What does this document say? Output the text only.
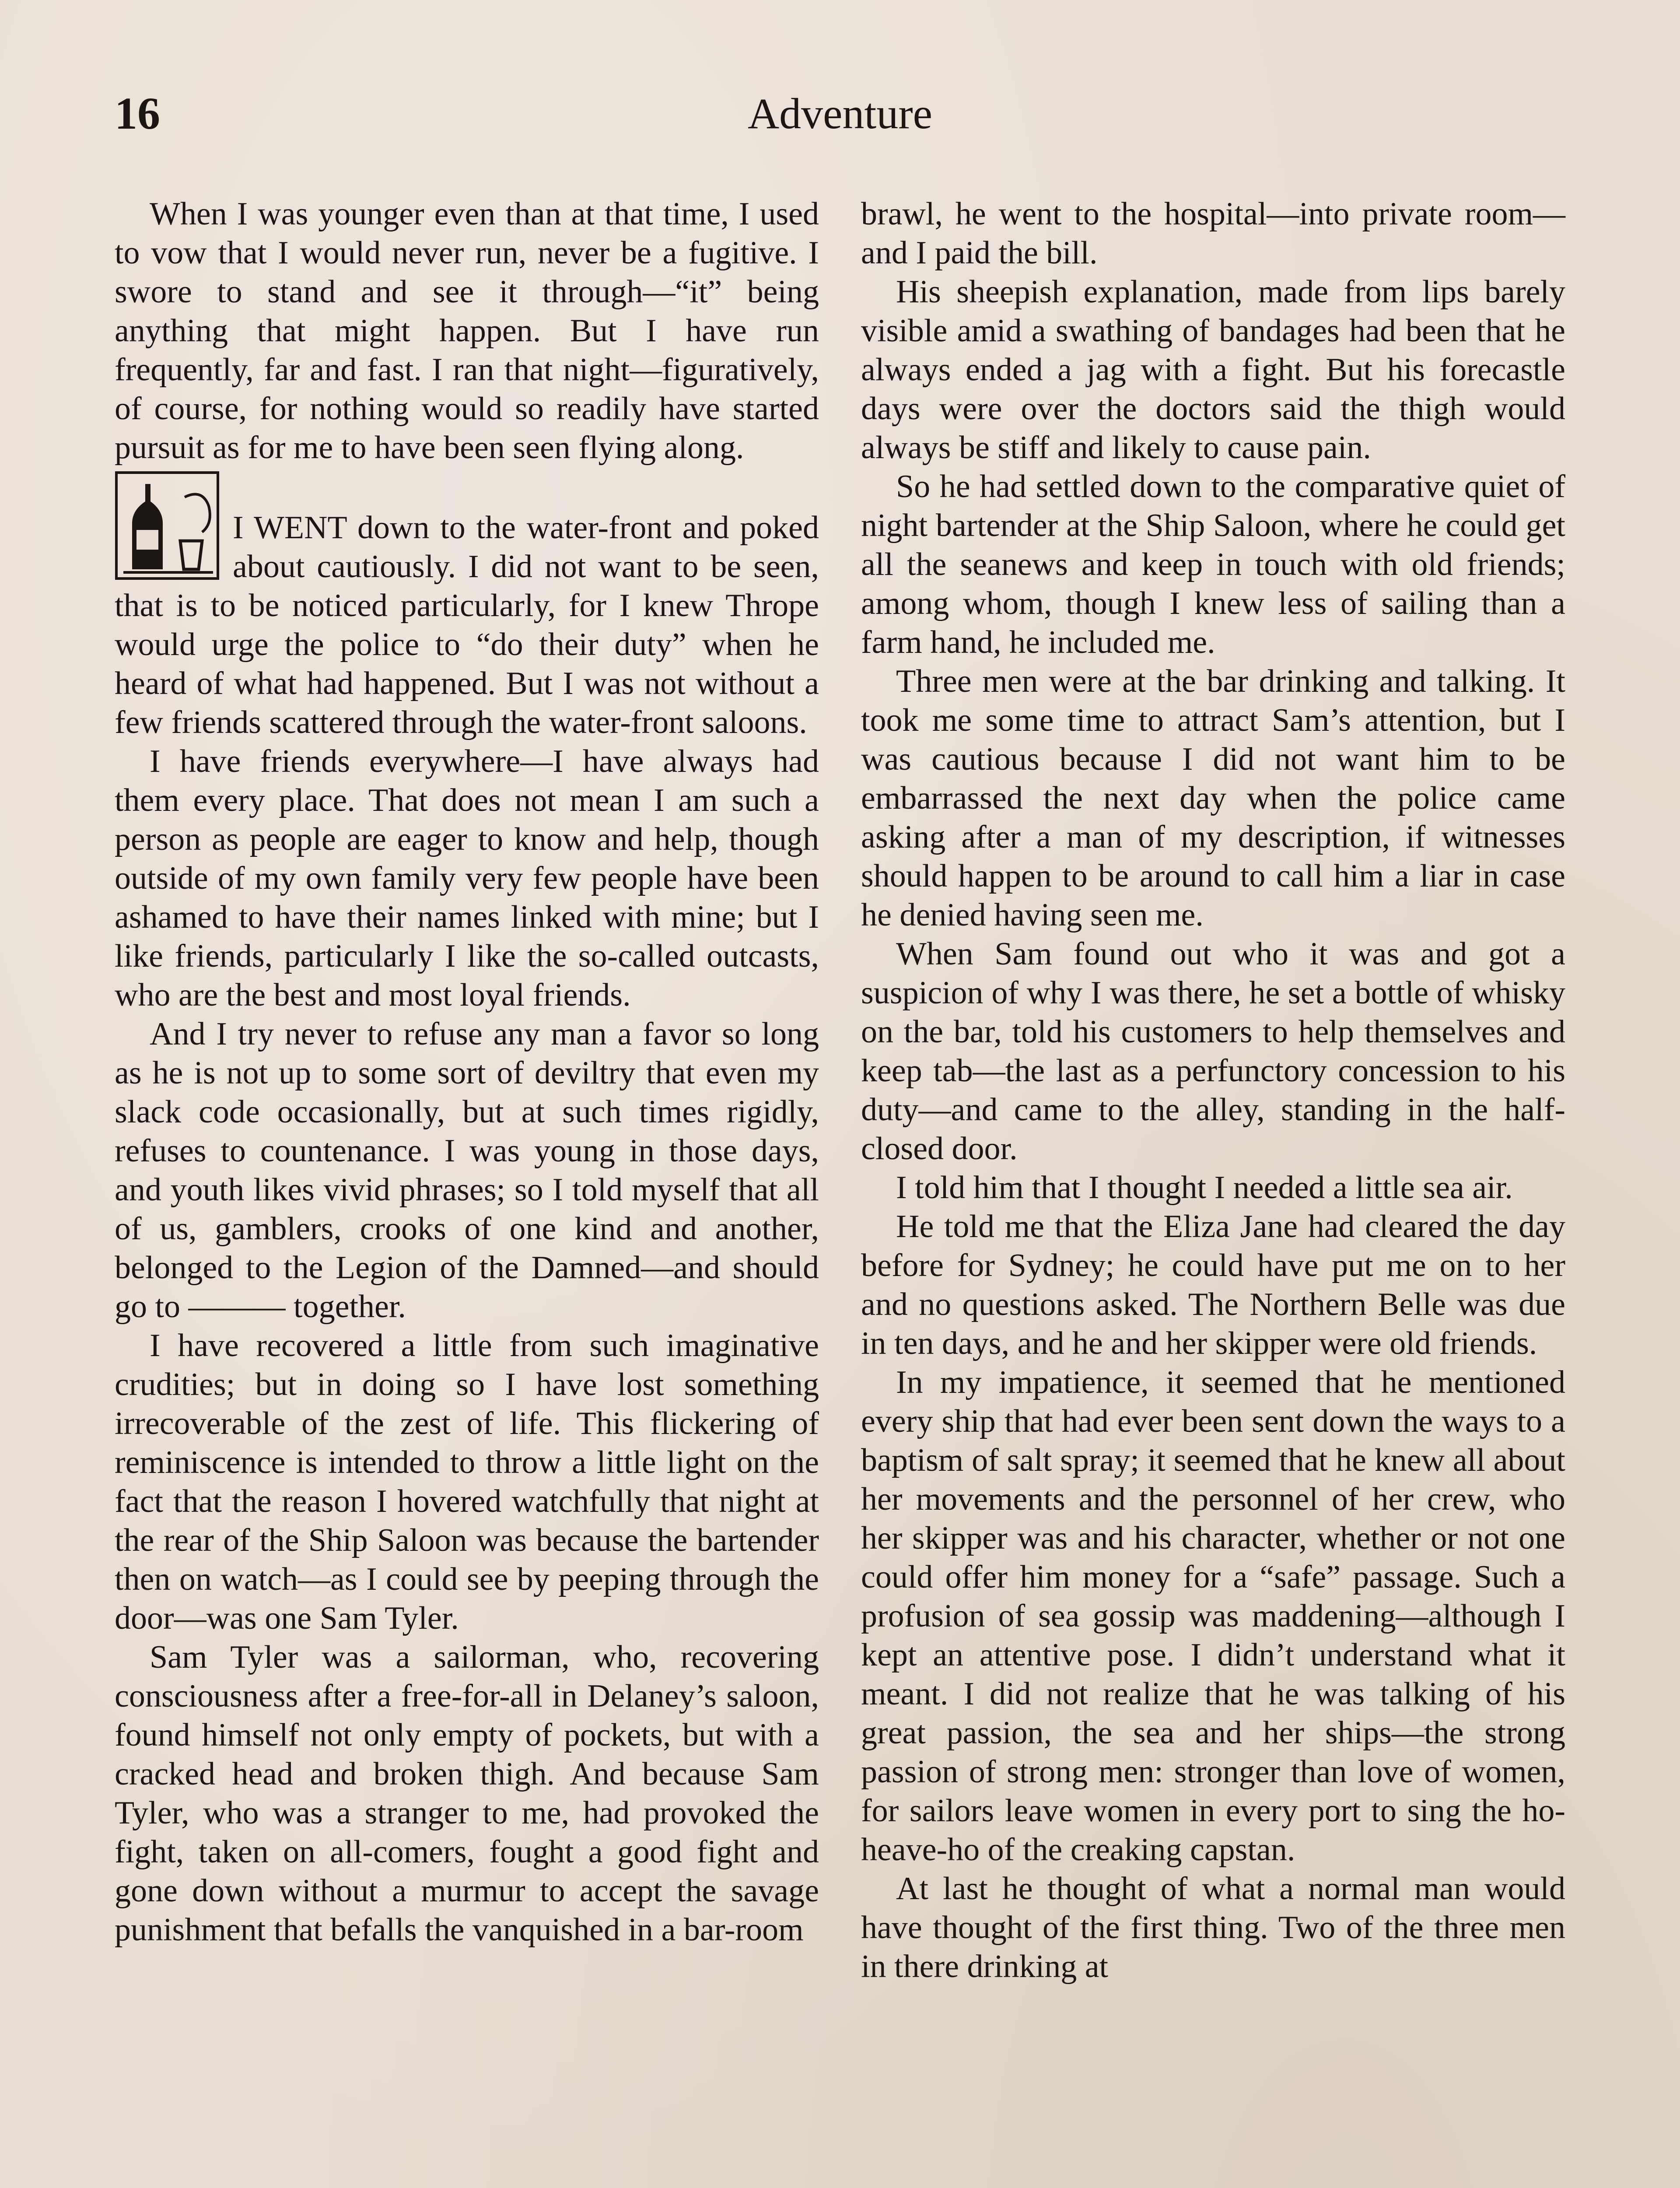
16	Adventure

When I was younger even than at that time, I used to vow that I would never run, never be a fugitive. I swore to stand and see it through—“it” being anything that might happen. But I have run frequently, far and fast. I ran that night—figuratively, of course, for nothing would so readily have started pursuit as for me to have been seen flying along.

I WENT down to the water-front and poked about cautiously. I did not want to be seen, that is to be noticed particularly, for I knew Thrope would urge the police to “do their duty” when he heard of what had happened. But I was not without a few friends scattered through the water-front saloons.

I have friends everywhere—I have always had them every place. That does not mean I am such a person as people are eager to know and help, though outside of my own family very few people have been ashamed to have their names linked with mine; but I like friends, particularly I like the so-called outcasts, who are the best and most loyal friends.

And I try never to refuse any man a favor so long as he is not up to some sort of deviltry that even my slack code occasionally, but at such times rigidly, refuses to countenance. I was young in those days, and youth likes vivid phrases; so I told myself that all of us, gamblers, crooks of one kind and another, belonged to the Legion of the Damned—and should go to ——— together.

I have recovered a little from such imaginative crudities; but in doing so I have lost something irrecoverable of the zest of life. This flickering of reminiscence is intended to throw a little light on the fact that the reason I hovered watchfully that night at the rear of the Ship Saloon was because the bartender then on watch—as I could see by peeping through the door—was one Sam Tyler.

Sam Tyler was a sailorman, who, recovering consciousness after a free-for-all in Delaney’s saloon, found himself not only empty of pockets, but with a cracked head and broken thigh. And because Sam Tyler, who was a stranger to me, had provoked the fight, taken on all-comers, fought a good fight and gone down without a murmur to accept the savage punishment that befalls the vanquished in a bar-room

brawl, he went to the hospital—into private room—and I paid the bill.

His sheepish explanation, made from lips barely visible amid a swathing of bandages had been that he always ended a jag with a fight. But his forecastle days were over the doctors said the thigh would always be stiff and likely to cause pain.

So he had settled down to the comparative quiet of night bartender at the Ship Saloon, where he could get all the seanews and keep in touch with old friends; among whom, though I knew less of sailing than a farm hand, he included me.

Three men were at the bar drinking and talking. It took me some time to attract Sam’s attention, but I was cautious because I did not want him to be embarrassed the next day when the police came asking after a man of my description, if witnesses should happen to be around to call him a liar in case he denied having seen me.

When Sam found out who it was and got a suspicion of why I was there, he set a bottle of whisky on the bar, told his customers to help themselves and keep tab—the last as a perfunctory concession to his duty—and came to the alley, standing in the half-closed door.

I told him that I thought I needed a little sea air.

He told me that the Eliza Jane had cleared the day before for Sydney; he could have put me on to her and no questions asked. The Northern Belle was due in ten days, and he and her skipper were old friends.

In my impatience, it seemed that he mentioned every ship that had ever been sent down the ways to a baptism of salt spray; it seemed that he knew all about her movements and the personnel of her crew, who her skipper was and his character, whether or not one could offer him money for a “safe” passage. Such a profusion of sea gossip was maddening—although I kept an attentive pose. I didn’t understand what it meant. I did not realize that he was talking of his great passion, the sea and her ships—the strong passion of strong men: stronger than love of women, for sailors leave women in every port to sing the ho-heave-ho of the creaking capstan.

At last he thought of what a normal man would have thought of the first thing. Two of the three men in there drinking at
